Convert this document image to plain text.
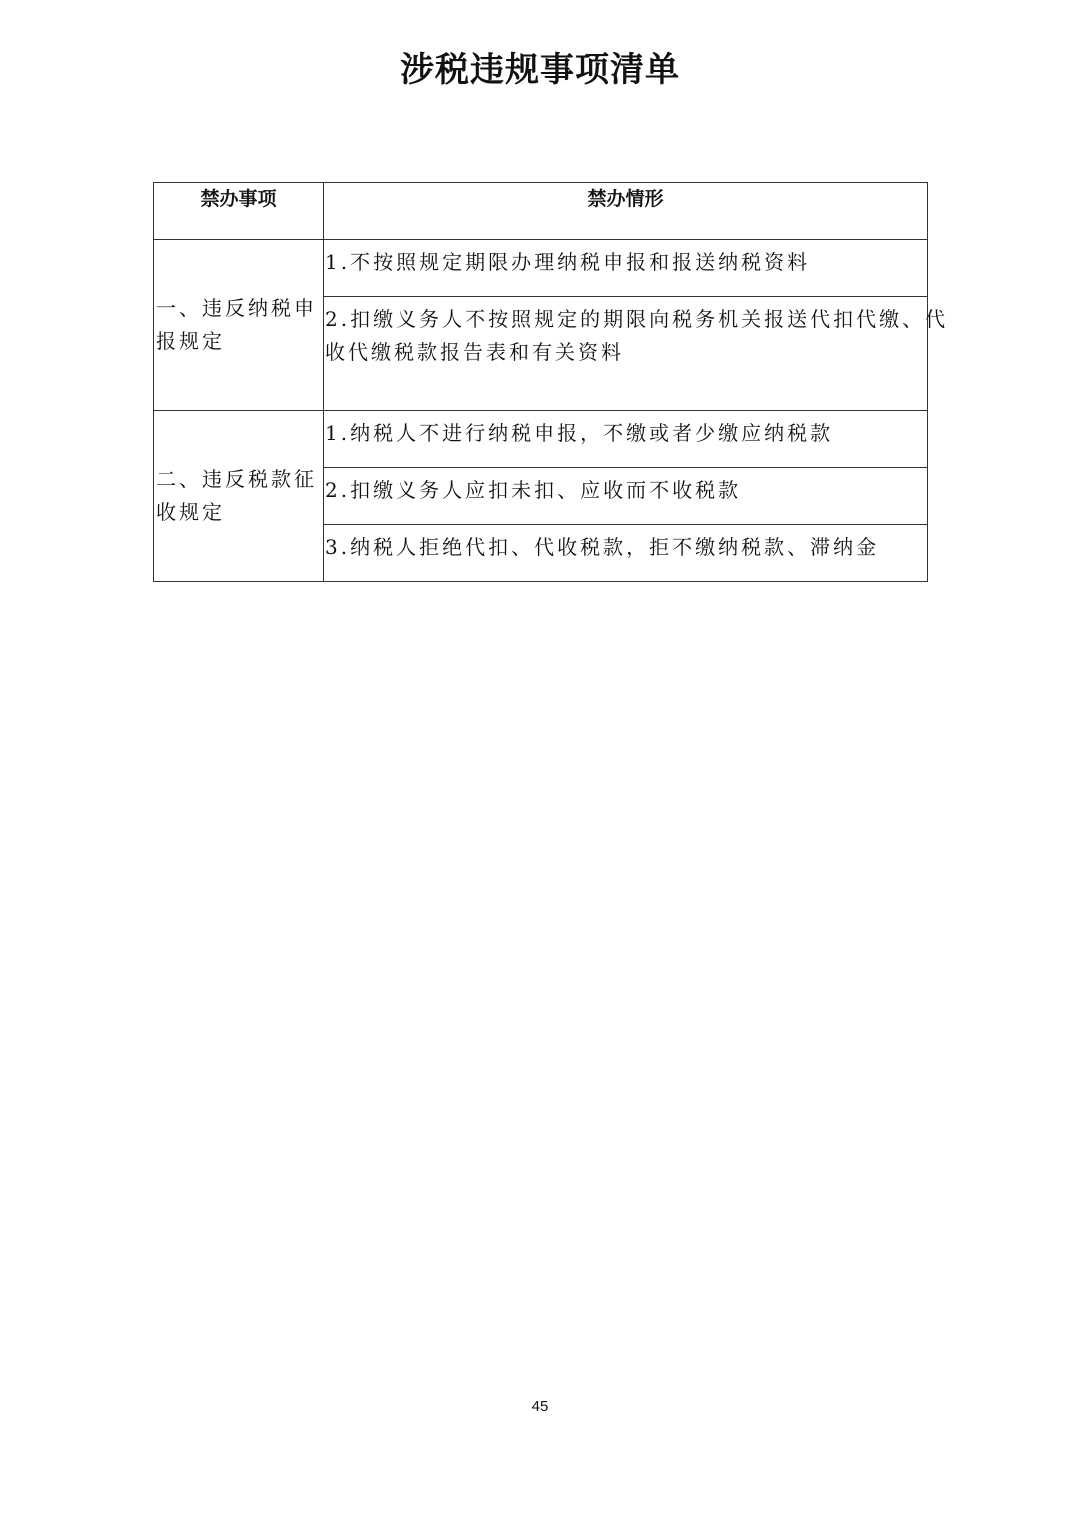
涉税违规事项清单
禁办事项	禁办情形
一、违反纳税申报规定	1.不按照规定期限办理纳税申报和报送纳税资料

	2.扣缴义务人不按照规定的期限向税务机关报送代扣代缴、代
收代缴税款报告表和有关资料

二、违反税款征收规定	1.纳税人不进行纳税申报，不缴或者少缴应纳税款

	2.扣缴义务人应扣未扣、应收而不收税款

	3.纳税人拒绝代扣、代收税款，拒不缴纳税款、滞纳金
45
